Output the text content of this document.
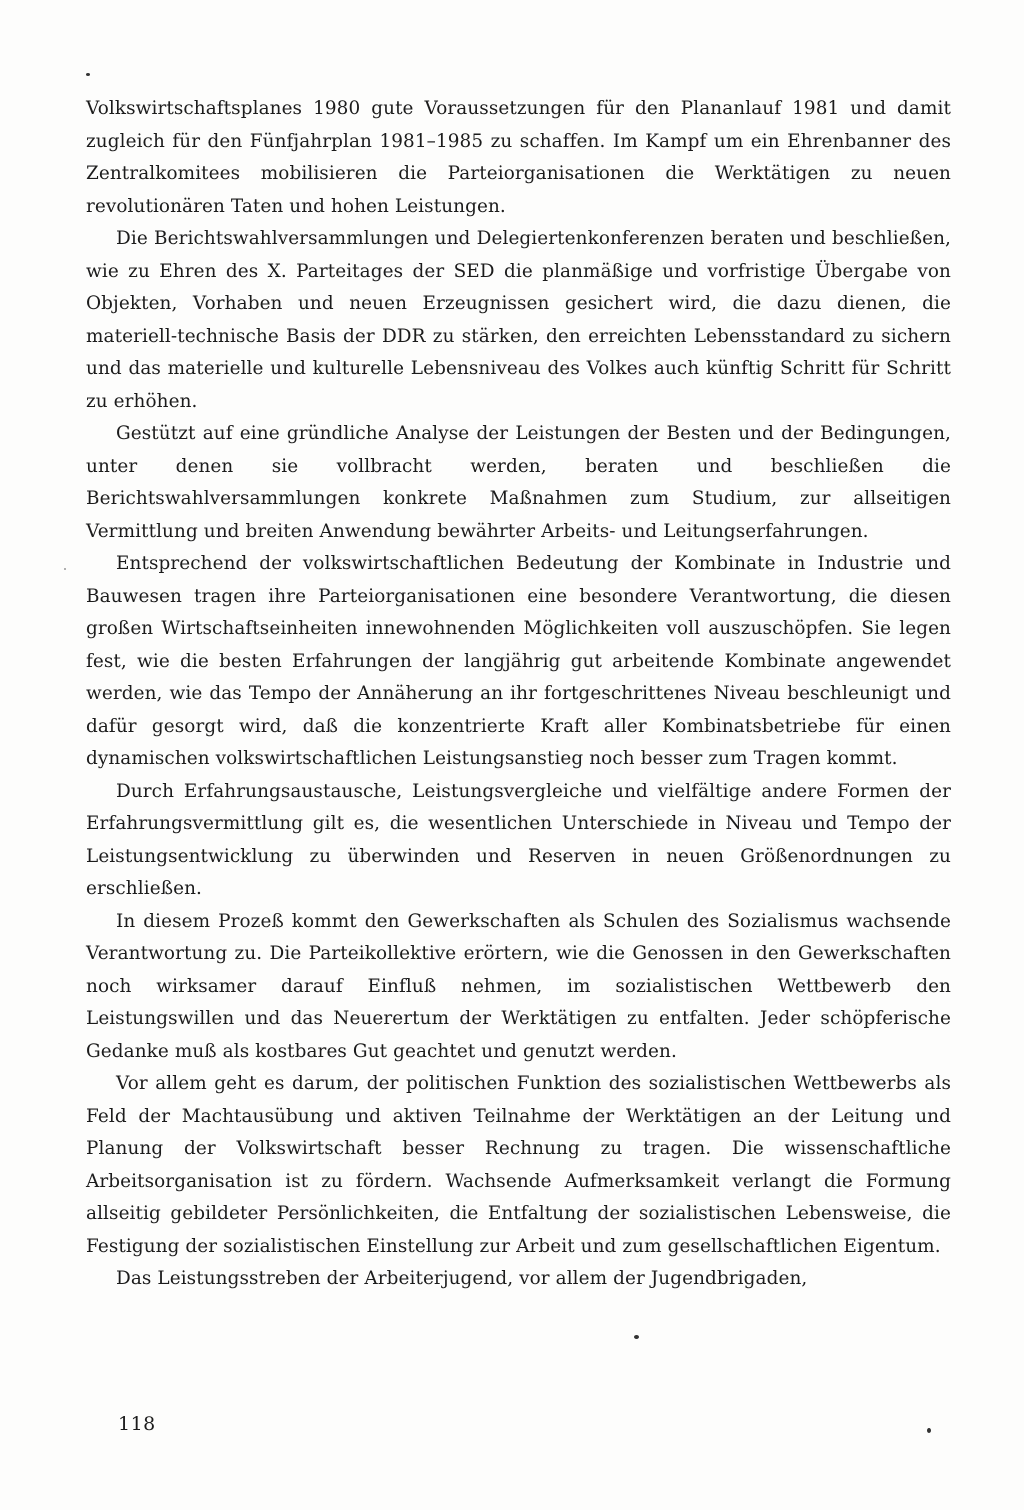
Volkswirtschaftsplanes 1980 gute Voraussetzungen für den Plananlauf 1981 und damit zugleich für den Fünfjahrplan 1981–1985 zu schaffen. Im Kampf um ein Ehrenbanner des Zentralkomitees mobilisieren die Parteiorganisationen die Werktätigen zu neuen revolutionären Taten und hohen Leistungen.

Die Berichtswahlversammlungen und Delegiertenkonferenzen beraten und beschließen, wie zu Ehren des X. Parteitages der SED die planmäßige und vorfristige Übergabe von Objekten, Vorhaben und neuen Erzeugnissen gesichert wird, die dazu dienen, die materiell-technische Basis der DDR zu stärken, den erreichten Lebensstandard zu sichern und das materielle und kulturelle Lebensniveau des Volkes auch künftig Schritt für Schritt zu erhöhen.

Gestützt auf eine gründliche Analyse der Leistungen der Besten und der Bedingungen, unter denen sie vollbracht werden, beraten und beschließen die Berichtswahlversammlungen konkrete Maßnahmen zum Studium, zur allseitigen Vermittlung und breiten Anwendung bewährter Arbeits- und Leitungserfahrungen.

Entsprechend der volkswirtschaftlichen Bedeutung der Kombinate in Industrie und Bauwesen tragen ihre Parteiorganisationen eine besondere Verantwortung, die diesen großen Wirtschaftseinheiten innewohnenden Möglichkeiten voll auszuschöpfen. Sie legen fest, wie die besten Erfahrungen der langjährig gut arbeitende Kombinate angewendet werden, wie das Tempo der Annäherung an ihr fortgeschrittenes Niveau beschleunigt und dafür gesorgt wird, daß die konzentrierte Kraft aller Kombinatsbetriebe für einen dynamischen volkswirtschaftlichen Leistungsanstieg noch besser zum Tragen kommt.

Durch Erfahrungsaustausche, Leistungsvergleiche und vielfältige andere Formen der Erfahrungsvermittlung gilt es, die wesentlichen Unterschiede in Niveau und Tempo der Leistungsentwicklung zu überwinden und Reserven in neuen Größenordnungen zu erschließen.

In diesem Prozeß kommt den Gewerkschaften als Schulen des Sozialismus wachsende Verantwortung zu. Die Parteikollektive erörtern, wie die Genossen in den Gewerkschaften noch wirksamer darauf Einfluß nehmen, im sozialistischen Wettbewerb den Leistungswillen und das Neuerertum der Werktätigen zu entfalten. Jeder schöpferische Gedanke muß als kostbares Gut geachtet und genutzt werden.

Vor allem geht es darum, der politischen Funktion des sozialistischen Wettbewerbs als Feld der Machtausübung und aktiven Teilnahme der Werktätigen an der Leitung und Planung der Volkswirtschaft besser Rechnung zu tragen. Die wissenschaftliche Arbeitsorganisation ist zu fördern. Wachsende Aufmerksamkeit verlangt die Formung allseitig gebildeter Persönlichkeiten, die Entfaltung der sozialistischen Lebensweise, die Festigung der sozialistischen Einstellung zur Arbeit und zum gesellschaftlichen Eigentum.

Das Leistungsstreben der Arbeiterjugend, vor allem der Jugendbrigaden,

118
